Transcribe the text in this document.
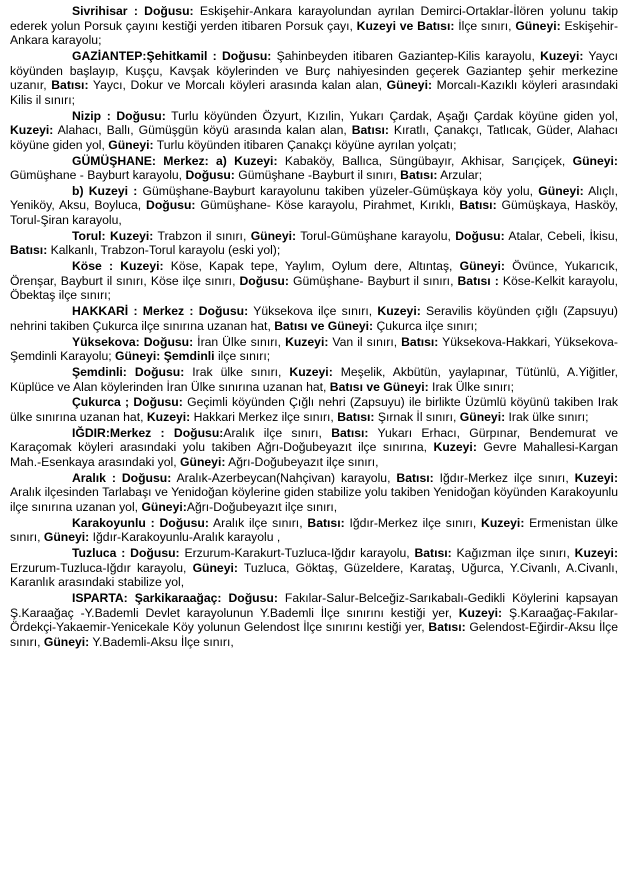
Sivrihisar : Doğusu: Eskişehir-Ankara karayolundan ayrılan Demirci-Ortaklar-İlören yolunu takip ederek yolun Porsuk çayını kestiği yerden itibaren Porsuk çayı, Kuzeyi ve Batısı: İlçe sınırı, Güneyi: Eskişehir-Ankara karayolu;

GAZİANTEP:Şehitkamil : Doğusu: Şahinbeyden itibaren Gaziantep-Kilis karayolu, Kuzeyi: Yaycı köyünden başlayıp, Kuşçu, Kavşak köylerinden ve Burç nahiyesinden geçerek Gaziantep şehir merkezine uzanır, Batısı: Yaycı, Dokur ve Morcalı köyleri arasında kalan alan, Güneyi: Morcalı-Kazıklı köyleri arasındaki Kilis il sınırı;

Nizip : Doğusu: Turlu köyünden Özyurt, Kızılin, Yukarı Çardak, Aşağı Çardak köyüne giden yol, Kuzeyi: Alahacı, Ballı, Gümüşgün köyü arasında kalan alan, Batısı: Kıratlı, Çanakçı, Tatlıcak, Güder, Alahacı köyüne giden yol, Güneyi: Turlu köyünden itibaren Çanakçı köyüne ayrılan yolçatı;

GÜMÜŞHANE: Merkez: a) Kuzeyi: Kabaköy, Ballıca, Süngübayır, Akhisar, Sarıçiçek, Güneyi: Gümüşhane - Bayburt karayolu, Doğusu: Gümüşhane -Bayburt il sınırı, Batısı: Arzular;

b) Kuzeyi : Gümüşhane-Bayburt karayolunu takiben yüzeler-Gümüşkaya köy yolu, Güneyi: Alıçlı, Yeniköy, Aksu, Boyluca, Doğusu: Gümüşhane- Köse karayolu, Pirahmet, Kırıklı, Batısı: Gümüşkaya, Hasköy, Torul-Şiran karayolu,

Torul: Kuzeyi: Trabzon il sınırı, Güneyi: Torul-Gümüşhane karayolu, Doğusu: Atalar, Cebeli, İkisu, Batısı: Kalkanlı, Trabzon-Torul karayolu (eski yol);

Köse : Kuzeyi: Köse, Kapak tepe, Yaylım, Oylum dere, Altıntaş, Güneyi: Övünce, Yukarıcık, Örenşar, Bayburt il sınırı, Köse ilçe sınırı, Doğusu: Gümüşhane- Bayburt il sınırı, Batısı : Köse-Kelkit karayolu, Öbektaş ilçe sınırı;

HAKKARİ : Merkez : Doğusu: Yüksekova ilçe sınırı, Kuzeyi: Seravilis köyünden çığlı (Zapsuyu) nehrini takiben Çukurca ilçe sınırına uzanan hat, Batısı ve Güneyi: Çukurca ilçe sınırı;

Yüksekova: Doğusu: İran Ülke sınırı, Kuzeyi: Van il sınırı, Batısı: Yüksekova-Hakkari, Yüksekova-Şemdinli Karayolu; Güneyi: Şemdinli ilçe sınırı;

Şemdinli: Doğusu: Irak ülke sınırı, Kuzeyi: Meşelik, Akbütün, yaylapınar, Tütünlü, A.Yiğitler, Küplüce ve Alan köylerinden İran Ülke sınırına uzanan hat, Batısı ve Güneyi: Irak Ülke sınırı;

Çukurca ; Doğusu: Geçimli köyünden Çığlı nehri (Zapsuyu) ile birlikte Üzümlü köyünü takiben Irak ülke sınırına uzanan hat, Kuzeyi: Hakkari Merkez ilçe sınırı, Batısı: Şırnak İl sınırı, Güneyi: Irak ülke sınırı;

IĞDIR:Merkez : Doğusu:Aralık ilçe sınırı, Batısı: Yukarı Erhacı, Gürpınar, Bendemurat ve Karaçomak köyleri arasındaki yolu takiben Ağrı-Doğubeyazıt ilçe sınırına, Kuzeyi: Gevre Mahallesi-Kargan Mah.-Esenkaya arasındaki yol, Güneyi: Ağrı-Doğubeyazıt ilçe sınırı,

Aralık : Doğusu: Aralık-Azerbeycan(Nahçivan) karayolu, Batısı: Iğdır-Merkez ilçe sınırı, Kuzeyi: Aralık ilçesinden Tarlabaşı ve Yenidoğan köylerine giden stabilize yolu takiben Yenidoğan köyünden Karakoyunlu ilçe sınırına uzanan yol, Güneyi:Ağrı-Doğubeyazıt ilçe sınırı,

Karakoyunlu : Doğusu: Aralık ilçe sınırı, Batısı: Iğdır-Merkez ilçe sınırı, Kuzeyi: Ermenistan ülke sınırı, Güneyi: Iğdır-Karakoyunlu-Aralık karayolu ,

Tuzluca : Doğusu: Erzurum-Karakurt-Tuzluca-Iğdır karayolu, Batısı: Kağızman ilçe sınırı, Kuzeyi: Erzurum-Tuzluca-Iğdır karayolu, Güneyi: Tuzluca, Göktaş, Güzeldere, Karataş, Uğurca, Y.Civanlı, A.Civanlı, Karanlık arasındaki stabilize yol,

ISPARTA: Şarkikaraağaç: Doğusu: Fakılar-Salur-Belceğiz-Sarıkabalı-Gedikli Köylerini kapsayan Ş.Karaağaç -Y.Bademli Devlet karayolunun Y.Bademli İlçe sınırını kestiği yer, Kuzeyi: Ş.Karaağaç-Fakılar-Ördekçi-Yakaemir-Yenicekale Köy yolunun Gelendost İlçe sınırını kestiği yer, Batısı: Gelendost-Eğirdir-Aksu İlçe sınırı, Güneyi: Y.Bademli-Aksu İlçe sınırı,
